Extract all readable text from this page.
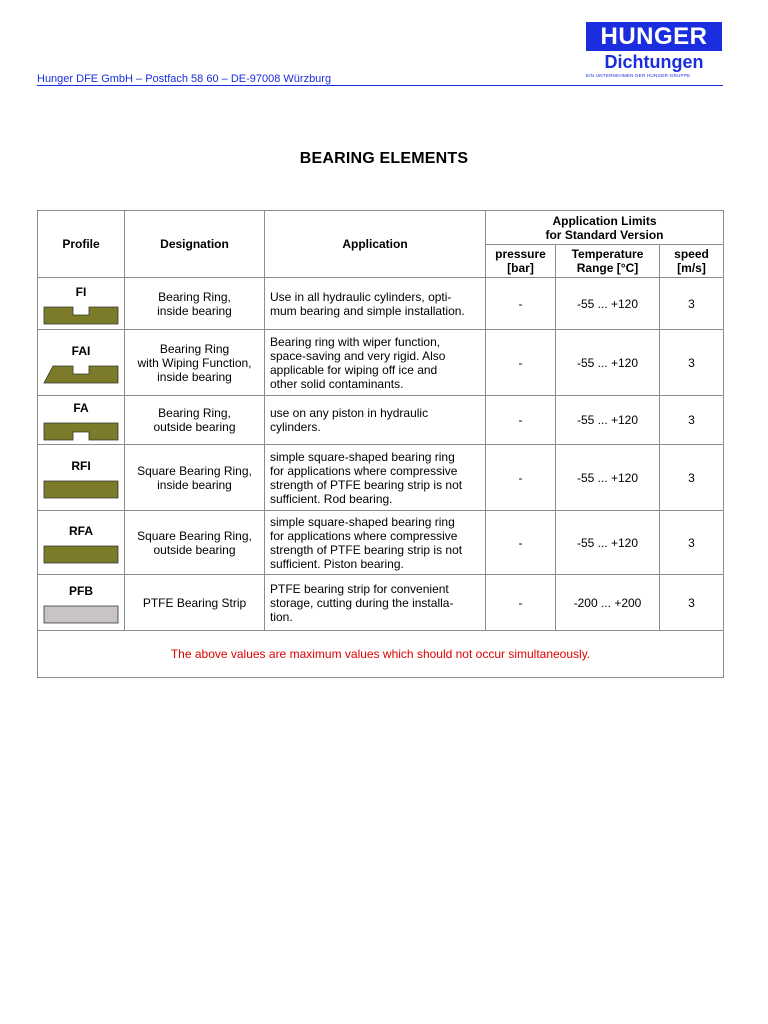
HUNGER
Dichtungen
EIN UNTERNEHMEN DER HUNGER-GRUPPE
Hunger DFE GmbH – Postfach 58 60 – DE-97008 Würzburg
BEARING ELEMENTS
Profile	Designation	Application	Application Limits
for Standard Version		
			pressure
[bar]	Temperature
Range [°C]	speed
[m/s]

FI	Bearing Ring,
inside bearing	Use in all hydraulic cylinders, opti-
mum bearing and simple installation.	-	-55 ... +120	3

FAI	Bearing Ring
with Wiping Function,
inside bearing	Bearing ring with wiper function,
space-saving and very rigid. Also
applicable for wiping off ice and
other solid contaminants.	-	-55 ... +120	3

FA	Bearing Ring,
outside bearing	use on any piston in hydraulic
cylinders.	-	-55 ... +120	3

RFI	Square Bearing Ring,
inside bearing	simple square-shaped bearing ring
for applications where compressive
strength of PTFE bearing strip is not
sufficient. Rod bearing.	-	-55 ... +120	3

RFA	Square Bearing Ring,
outside bearing	simple square-shaped bearing ring
for applications where compressive
strength of PTFE bearing strip is not
sufficient. Piston bearing.	-	-55 ... +120	3

PFB	PTFE Bearing Strip	PTFE bearing strip for convenient
storage, cutting during the installa-
tion.	-	-200 ... +200	3
The above values are maximum values which should not occur simultaneously.					
